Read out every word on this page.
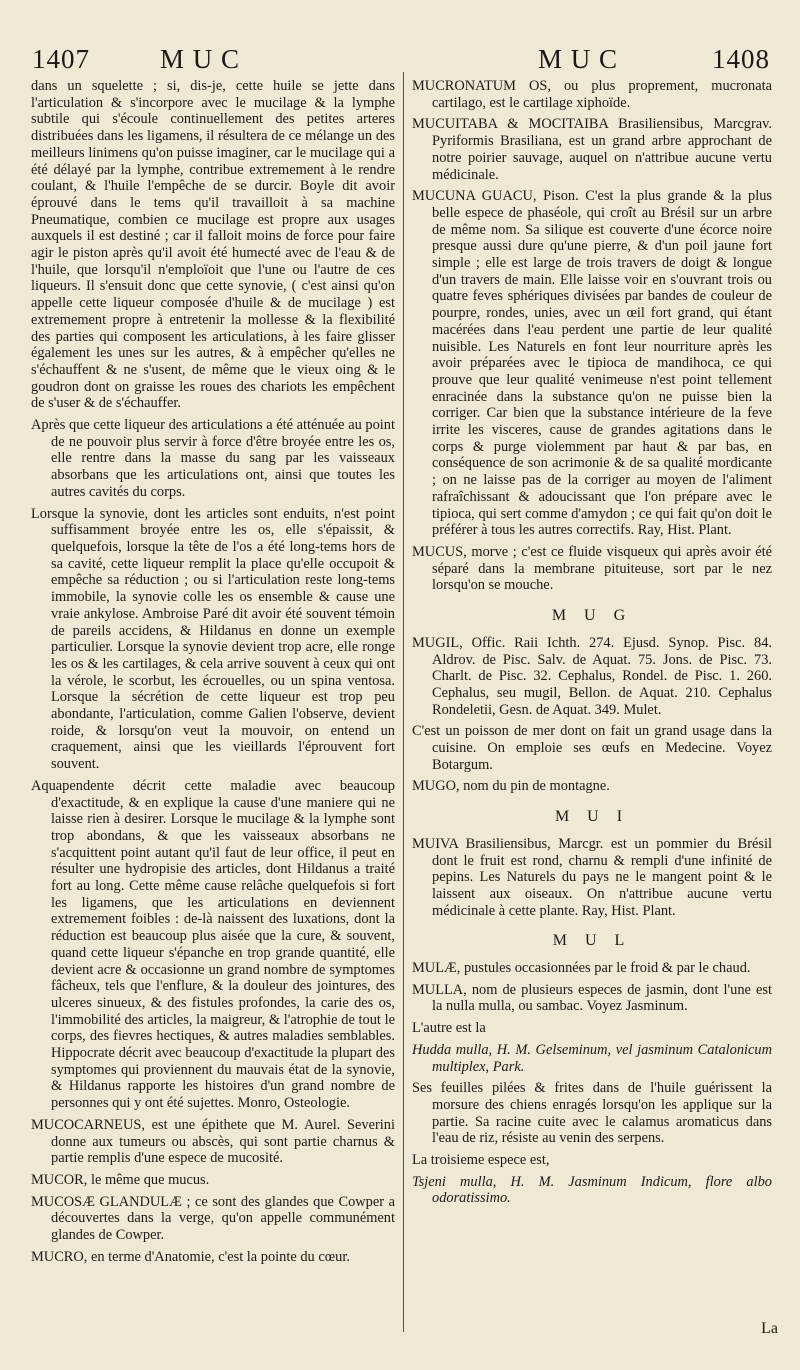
1407	M U C	M U C	1408

dans un squelette ; si, dis-je, cette huile se jette dans l'articulation & s'incorpore avec le mucilage & la lymphe subtile qui s'écoule continuellement des petites arteres distribuées dans les ligamens, il résultera de ce mélange un des meilleurs linimens qu'on puisse imaginer, car le mucilage qui a été délayé par la lymphe, contribue extremement à le rendre coulant, & l'huile l'empêche de se durcir. Boyle dit avoir éprouvé dans le tems qu'il travailloit à sa machine Pneumatique, combien ce mucilage est propre aux usages auxquels il est destiné ; car il falloit moins de force pour faire agir le piston après qu'il avoit été humecté avec de l'eau & de l'huile, que lorsqu'il n'emploïoit que l'une ou l'autre de ces liqueurs. Il s'ensuit donc que cette synovie, ( c'est ainsi qu'on appelle cette liqueur composée d'huile & de mucilage ) est extremement propre à entretenir la mollesse & la flexibilité des parties qui composent les articulations, à les faire glisser également les unes sur les autres, & à empêcher qu'elles ne s'échauffent & ne s'usent, de même que le vieux oing & le goudron dont on graisse les roues des chariots les empêchent de s'user & de s'échauffer.

Après que cette liqueur des articulations a été atténuée au point de ne pouvoir plus servir à force d'être broyée entre les os, elle rentre dans la masse du sang par les vaisseaux absorbans que les articulations ont, ainsi que toutes les autres cavités du corps.

Lorsque la synovie, dont les articles sont enduits, n'est point suffisamment broyée entre les os, elle s'épaissit, & quelquefois, lorsque la tête de l'os a été long-tems hors de sa cavité, cette liqueur remplit la place qu'elle occupoit & empêche sa réduction ; ou si l'articulation reste long-tems immobile, la synovie colle les os ensemble & cause une vraie ankylose. Ambroise Paré dit avoir été souvent témoin de pareils accidens, & Hildanus en donne un exemple particulier. Lorsque la synovie devient trop acre, elle ronge les os & les cartilages, & cela arrive souvent à ceux qui ont la vérole, le scorbut, les écrouelles, ou un spina ventosa. Lorsque la sécrétion de cette liqueur est trop peu abondante, l'articulation, comme Galien l'observe, devient roide, & lorsqu'on veut la mouvoir, on entend un craquement, ainsi que les vieillards l'éprouvent fort souvent.

Aquapendente décrit cette maladie avec beaucoup d'exactitude, & en explique la cause d'une maniere qui ne laisse rien à desirer. Lorsque le mucilage & la lymphe sont trop abondans, & que les vaisseaux absorbans ne s'acquittent point autant qu'il faut de leur office, il peut en résulter une hydropisie des articles, dont Hildanus a traité fort au long. Cette même cause relâche quelquefois si fort les ligamens, que les articulations en deviennent extremement foibles : de-là naissent des luxations, dont la réduction est beaucoup plus aisée que la cure, & souvent, quand cette liqueur s'épanche en trop grande quantité, elle devient acre & occasionne un grand nombre de symptomes fâcheux, tels que l'enflure, & la douleur des jointures, des ulceres sinueux, & des fistules profondes, la carie des os, l'immobilité des articles, la maigreur, & l'atrophie de tout le corps, des fievres hectiques, & autres maladies semblables. Hippocrate décrit avec beaucoup d'exactitude la plupart des symptomes qui proviennent du mauvais état de la synovie, & Hildanus rapporte les histoires d'un grand nombre de personnes qui y ont été sujettes. Monro, Osteologie.

MUCOCARNEUS, est une épithete que M. Aurel. Severini donne aux tumeurs ou abscès, qui sont partie charnus & partie remplis d'une espece de mucosité.

MUCOR, le même que mucus.

MUCOSÆ GLANDULÆ ; ce sont des glandes que Cowper a découvertes dans la verge, qu'on appelle communément glandes de Cowper.

MUCRO, en terme d'Anatomie, c'est la pointe du cœur.

MUCRONATUM OS, ou plus proprement, mucronata cartilago, est le cartilage xiphoïde.

MUCUITABA & MOCITAIBA Brasiliensibus, Marcgrav. Pyriformis Brasiliana, est un grand arbre approchant de notre poirier sauvage, auquel on n'attribue aucune vertu médicinale.

MUCUNA GUACU, Pison. C'est la plus grande & la plus belle espece de phaséole, qui croît au Brésil sur un arbre de même nom. Sa silique est couverte d'une écorce noire presque aussi dure qu'une pierre, & d'un poil jaune fort simple ; elle est large de trois travers de doigt & longue d'un travers de main. Elle laisse voir en s'ouvrant trois ou quatre feves sphériques divisées par bandes de couleur de pourpre, rondes, unies, avec un œil fort grand, qui étant macérées dans l'eau perdent une partie de leur qualité nuisible. Les Naturels en font leur nourriture après les avoir préparées avec le tipioca de mandihoca, ce qui prouve que leur qualité venimeuse n'est point tellement enracinée dans la substance qu'on ne puisse bien la corriger. Car bien que la substance intérieure de la feve irrite les visceres, cause de grandes agitations dans le corps & purge violemment par haut & par bas, en conséquence de son acrimonie & de sa qualité mordicante ; on ne laisse pas de la corriger au moyen de l'aliment rafraîchissant & adoucissant que l'on prépare avec le tipioca, qui sert comme d'amydon ; ce qui fait qu'on doit le préférer à tous les autres correctifs. Ray, Hist. Plant.

MUCUS, morve ; c'est ce fluide visqueux qui après avoir été séparé dans la membrane pituiteuse, sort par le nez lorsqu'on se mouche.

M U G

MUGIL, Offic. Raii Ichth. 274. Ejusd. Synop. Pisc. 84. Aldrov. de Pisc. Salv. de Aquat. 75. Jons. de Pisc. 73. Charlt. de Pisc. 32. Cephalus, Rondel. de Pisc. 1. 260. Cephalus, seu mugil, Bellon. de Aquat. 210. Cephalus Rondeletii, Gesn. de Aquat. 349. Mulet.

C'est un poisson de mer dont on fait un grand usage dans la cuisine. On emploie ses œufs en Medecine. Voyez Botargum.

MUGO, nom du pin de montagne.

M U I

MUIVA Brasiliensibus, Marcgr. est un pommier du Brésil dont le fruit est rond, charnu & rempli d'une infinité de pepins. Les Naturels du pays ne le mangent point & le laissent aux oiseaux. On n'attribue aucune vertu médicinale à cette plante. Ray, Hist. Plant.

M U L

MULÆ, pustules occasionnées par le froid & par le chaud.

MULLA, nom de plusieurs especes de jasmin, dont l'une est la nulla mulla, ou sambac. Voyez Jasminum.

L'autre est la

Hudda mulla, H. M. Gelseminum, vel jasminum Catalonicum multiplex, Park.

Ses feuilles pilées & frites dans de l'huile guérissent la morsure des chiens enragés lorsqu'on les applique sur la partie. Sa racine cuite avec le calamus aromaticus dans l'eau de riz, résiste au venin des serpens.

La troisieme espece est,

Tsjeni mulla, H. M. Jasminum Indicum, flore albo odoratissimo.

La
